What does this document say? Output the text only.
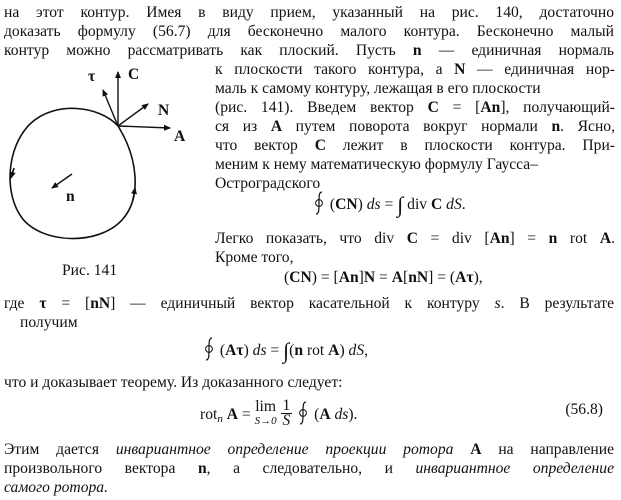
на этот контур. Имея в виду прием, указанный на рис. 140, достаточно
доказать формулу (56.7) для бесконечно малого контура. Бесконечно малый
контур можно рассматривать как плоский. Пусть n — единичная нормаль
к плоскости такого контура, а N — единичная нор-
маль к самому контуру, лежащая в его плоскости
(рис. 141). Введем вектор C = [An], получающий-
ся из A путем поворота вокруг нормали n. Ясно,
что вектор C лежит в плоскости контура. При-
меним к нему математическую формулу Гаусса–
Остроградского
(CN) ds = ∫ div C dS.
Легко показать, что div C = div [An] = n rot A.
Кроме того,
(CN) = [An]N = A[nN] = (Aτ),
где τ = [nN] — единичный вектор касательной к контуру s. В результате
получим
(Aτ) ds = ∫(n rot A) dS,
что и доказывает теорему. Из доказанного следует:
rotn A = lim
S→0
$\frac{1}{S}$
(A ds).	(56.8)
Этим дается инвариантное определение проекции ротора A на направление
произвольного вектора n, а следовательно, и инвариантное определение
самого ротора.
τ C
N
A
n
Рис. 141
